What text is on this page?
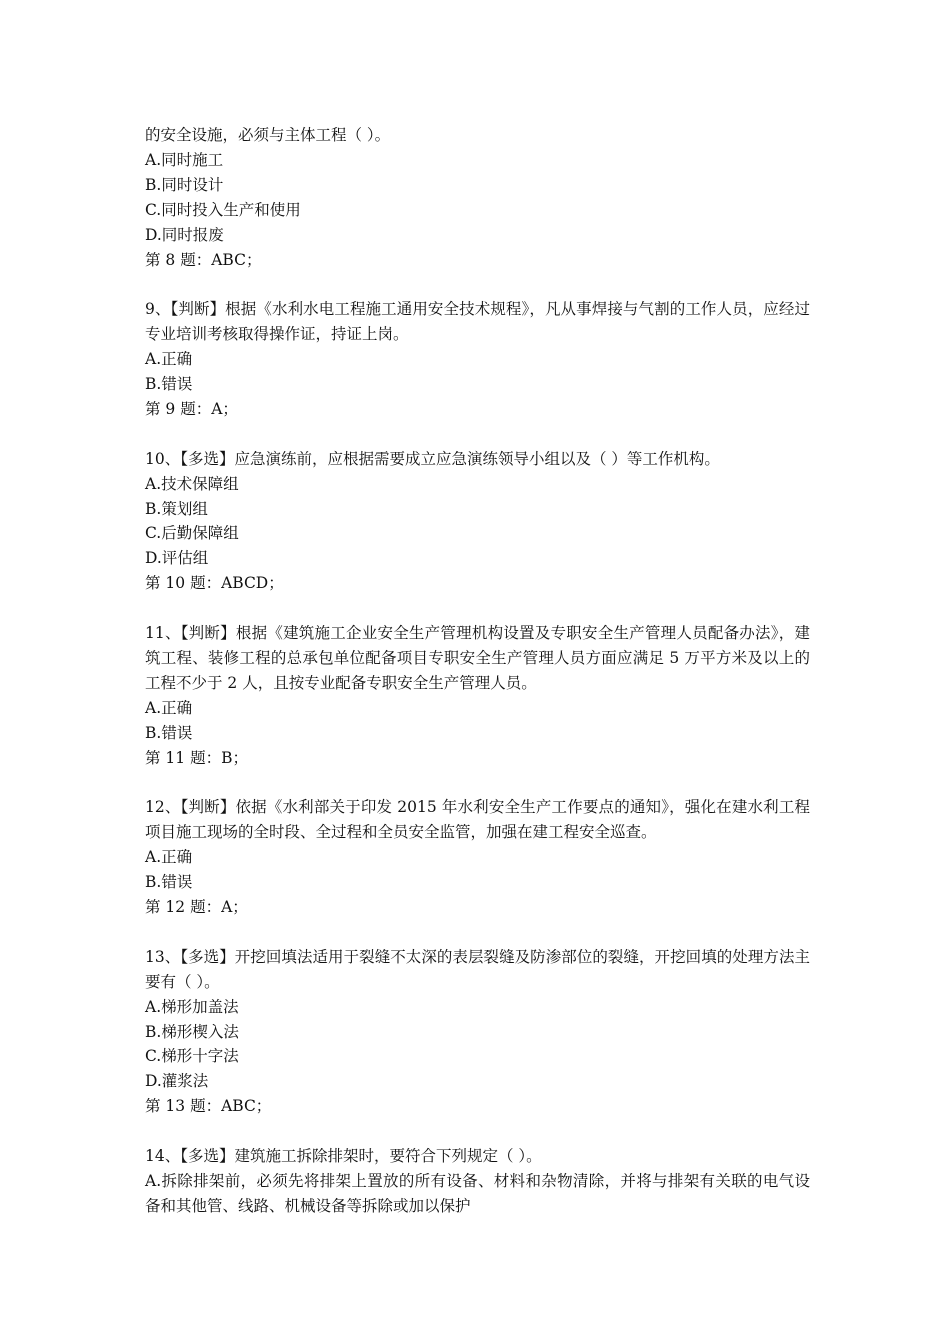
的安全设施，必须与主体工程（ ）。
A.同时施工
B.同时设计
C.同时投入生产和使用
D.同时报废
第 8 题：ABC；
9、【判断】根据《水利水电工程施工通用安全技术规程》，凡从事焊接与气割的工作人员，应经过专业培训考核取得操作证，持证上岗。
A.正确
B.错误
第 9 题：A；
10、【多选】应急演练前，应根据需要成立应急演练领导小组以及（ ）等工作机构。
A.技术保障组
B.策划组
C.后勤保障组
D.评估组
第 10 题：ABCD；
11、【判断】根据《建筑施工企业安全生产管理机构设置及专职安全生产管理人员配备办法》，建筑工程、装修工程的总承包单位配备项目专职安全生产管理人员方面应满足 5 万平方米及以上的工程不少于 2 人，且按专业配备专职安全生产管理人员。
A.正确
B.错误
第 11 题：B；
12、【判断】依据《水利部关于印发 2015 年水利安全生产工作要点的通知》，强化在建水利工程项目施工现场的全时段、全过程和全员安全监管，加强在建工程安全巡查。
A.正确
B.错误
第 12 题：A；
13、【多选】开挖回填法适用于裂缝不太深的表层裂缝及防渗部位的裂缝，开挖回填的处理方法主要有（ ）。
A.梯形加盖法
B.梯形楔入法
C.梯形十字法
D.灌浆法
第 13 题：ABC；
14、【多选】建筑施工拆除排架时，要符合下列规定（ ）。
A.拆除排架前，必须先将排架上置放的所有设备、材料和杂物清除，并将与排架有关联的电气设备和其他管、线路、机械设备等拆除或加以保护
